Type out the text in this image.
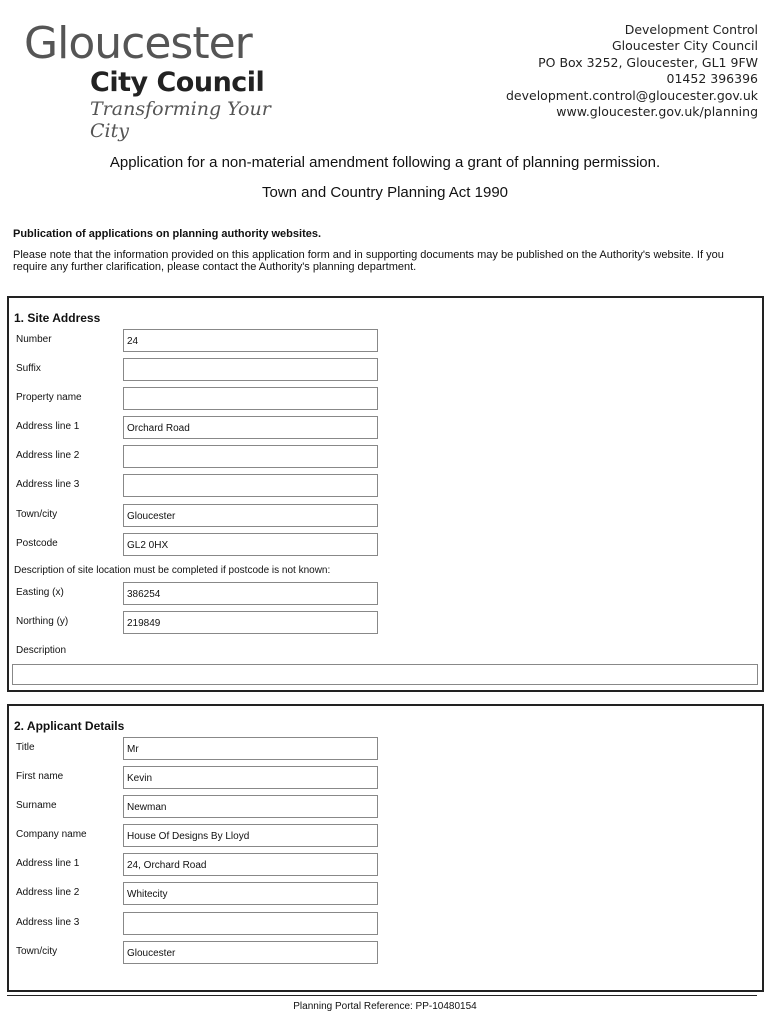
Gloucester
City Council
Transforming Your City
Development Control
Gloucester City Council
PO Box 3252, Gloucester, GL1 9FW
01452 396396
development.control@gloucester.gov.uk
www.gloucester.gov.uk/planning
Application for a non-material amendment following a grant of planning permission.
Town and Country Planning Act 1990
Publication of applications on planning authority websites.
Please note that the information provided on this application form and in supporting documents may be published on the Authority's website. If you require any further clarification, please contact the Authority's planning department.
1. Site Address
Number	24
Suffix
Property name
Address line 1	Orchard Road
Address line 2
Address line 3
Town/city	Gloucester
Postcode	GL2 0HX
Description of site location must be completed if postcode is not known:
Easting (x)	386254
Northing (y)	219849
Description
2. Applicant Details
Title	Mr
First name	Kevin
Surname	Newman
Company name	House Of Designs By Lloyd
Address line 1	24, Orchard Road
Address line 2	Whitecity
Address line 3
Town/city	Gloucester
Planning Portal Reference: PP-10480154
